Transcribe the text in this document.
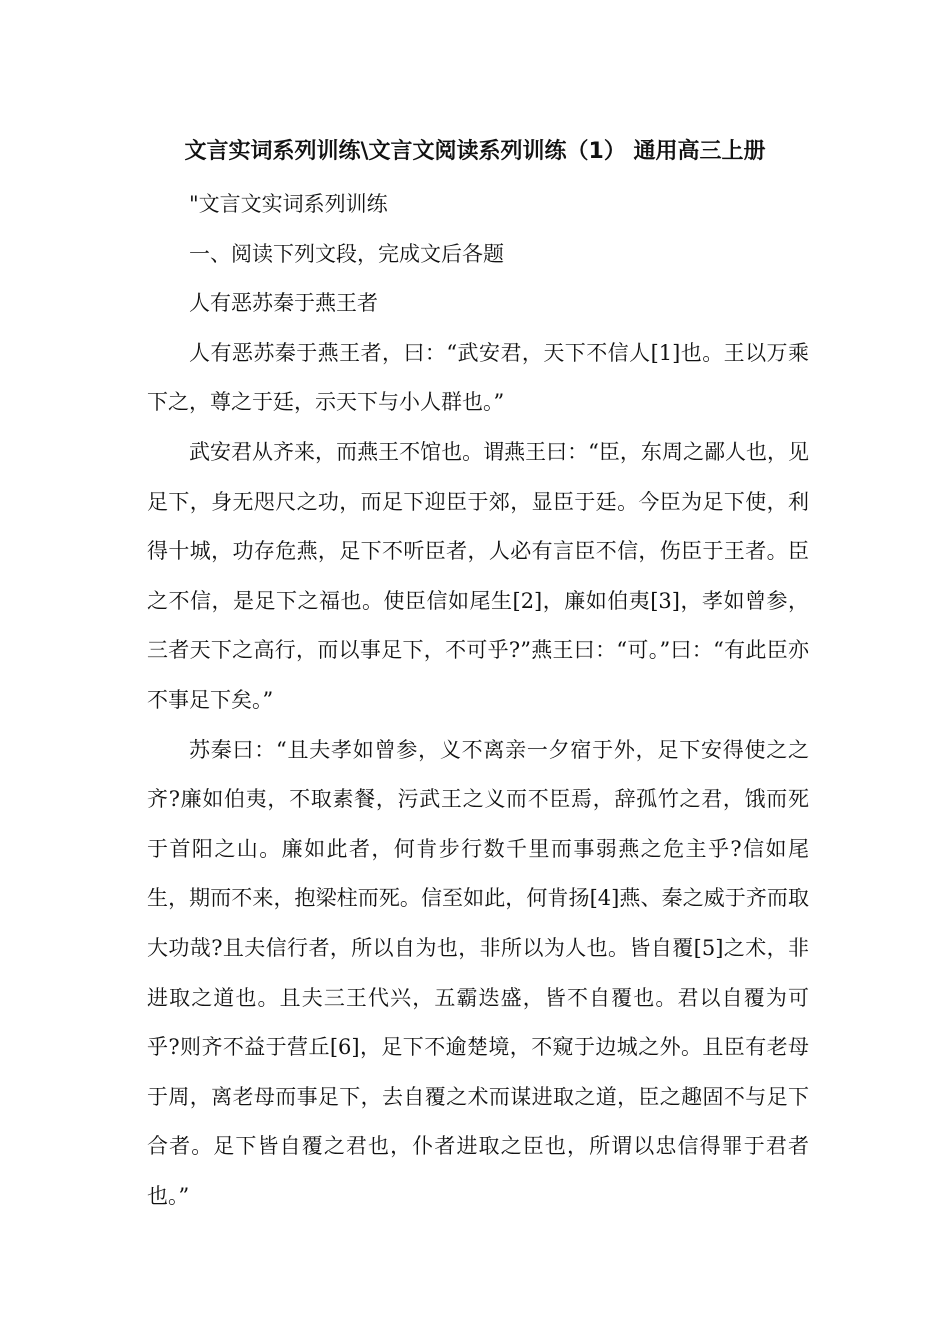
文言实词系列训练\文言文阅读系列训练（1） 通用高三上册

"文言文实词系列训练

一、阅读下列文段，完成文后各题

人有恶苏秦于燕王者

人有恶苏秦于燕王者，曰：“武安君，天下不信人[1]也。王以万乘下之，尊之于廷，示天下与小人群也。”

武安君从齐来，而燕王不馆也。谓燕王曰：“臣，东周之鄙人也，见足下，身无咫尺之功，而足下迎臣于郊，显臣于廷。今臣为足下使，利得十城，功存危燕，足下不听臣者，人必有言臣不信，伤臣于王者。臣之不信，是足下之福也。使臣信如尾生[2]，廉如伯夷[3]，孝如曾参，三者天下之高行，而以事足下，不可乎?”燕王曰：“可。”曰：“有此臣亦不事足下矣。”

苏秦曰：“且夫孝如曾参，义不离亲一夕宿于外，足下安得使之之齐?廉如伯夷，不取素餐，污武王之义而不臣焉，辞孤竹之君，饿而死于首阳之山。廉如此者，何肯步行数千里而事弱燕之危主乎?信如尾生，期而不来，抱梁柱而死。信至如此，何肯扬[4]燕、秦之威于齐而取大功哉?且夫信行者，所以自为也，非所以为人也。皆自覆[5]之术，非进取之道也。且夫三王代兴，五霸迭盛，皆不自覆也。君以自覆为可乎?则齐不益于营丘[6]，足下不逾楚境，不窥于边城之外。且臣有老母于周，离老母而事足下，去自覆之术而谋进取之道，臣之趣固不与足下合者。足下皆自覆之君也，仆者进取之臣也，所谓以忠信得罪于君者也。”
